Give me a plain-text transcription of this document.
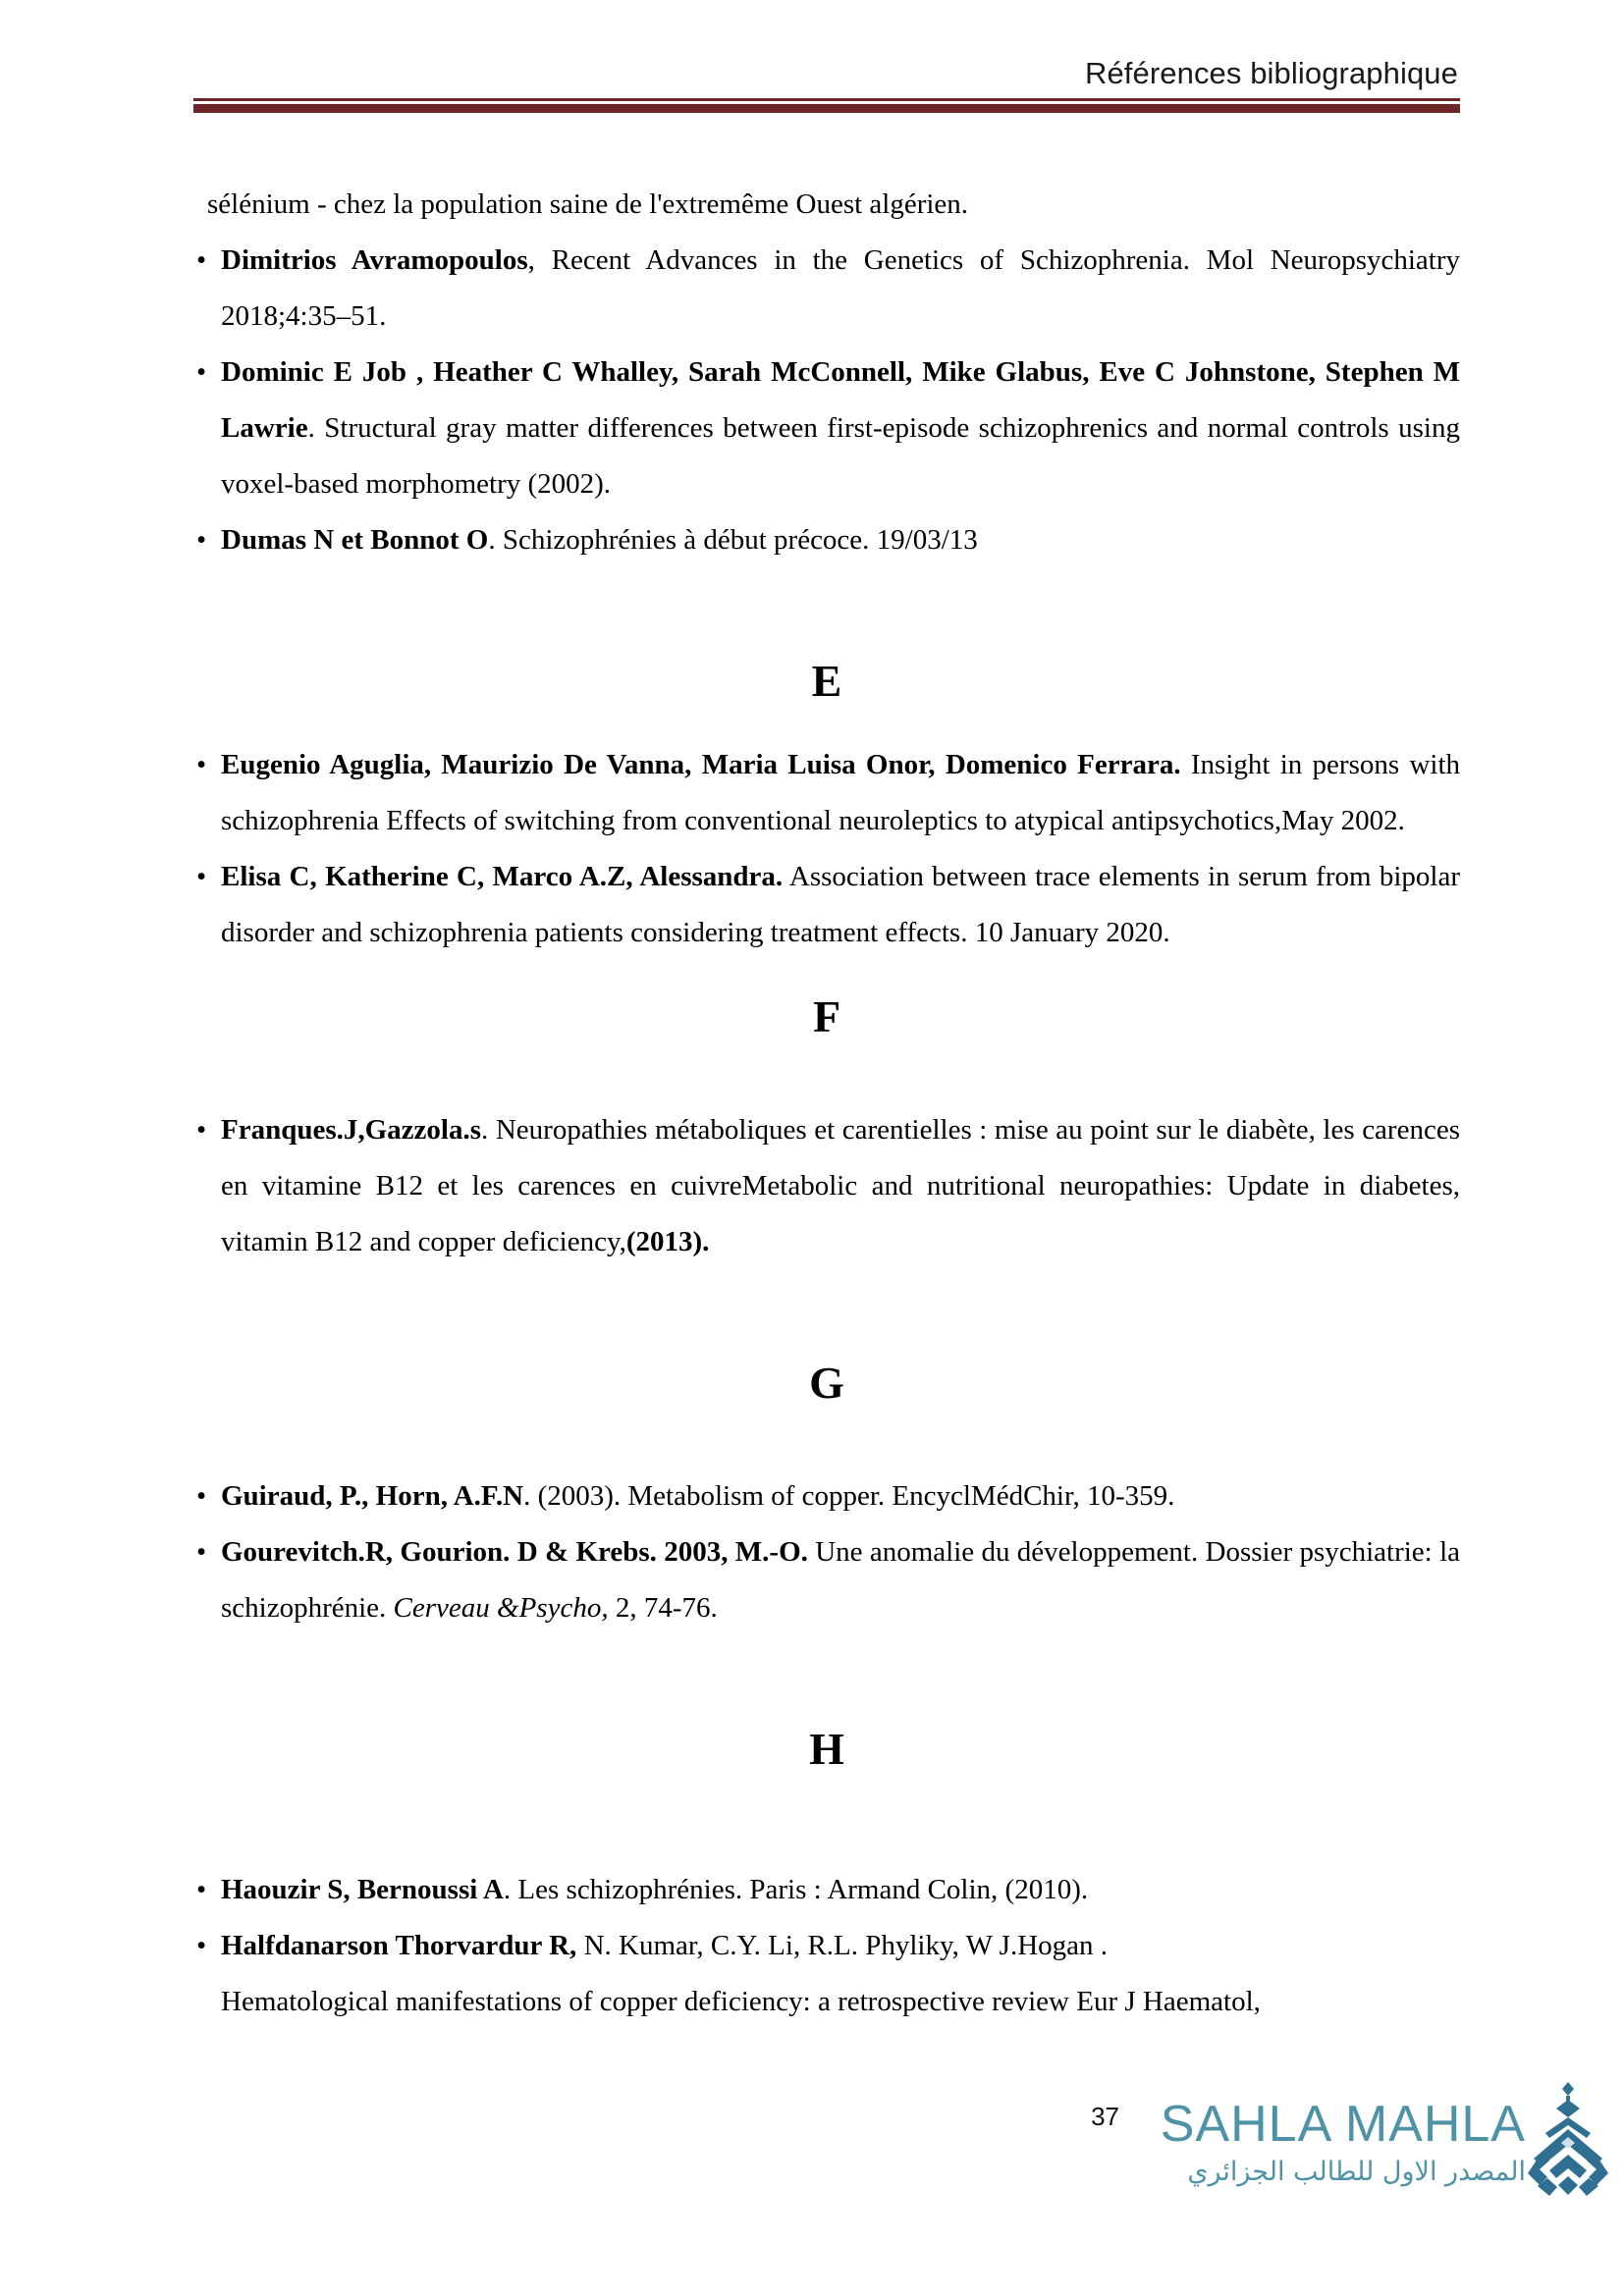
Références bibliographique

sélénium - chez la population saine de l'extremême Ouest algérien.

• Dimitrios Avramopoulos, Recent Advances in the Genetics of Schizophrenia. Mol Neuropsychiatry 2018;4:35–51.

• Dominic E Job , Heather C Whalley, Sarah McConnell, Mike Glabus, Eve C Johnstone, Stephen M Lawrie. Structural gray matter differences between first-episode schizophrenics and normal controls using voxel-based morphometry (2002).

• Dumas N et Bonnot O. Schizophrénies à début précoce. 19/03/13

E

• Eugenio Aguglia, Maurizio De Vanna, Maria Luisa Onor, Domenico Ferrara. Insight in persons with schizophrenia Effects of switching from conventional neuroleptics to atypical antipsychotics,May 2002.

• Elisa C, Katherine C, Marco A.Z, Alessandra. Association between trace elements in serum from bipolar disorder and schizophrenia patients considering treatment effects. 10 January 2020.

F

• Franques.J,Gazzola.s. Neuropathies métaboliques et carentielles : mise au point sur le diabète, les carences en vitamine B12 et les carences en cuivreMetabolic and nutritional neuropathies: Update in diabetes, vitamin B12 and copper deficiency,(2013).

G

• Guiraud, P., Horn, A.F.N. (2003). Metabolism of copper. EncyclMédChir, 10-359.

• Gourevitch.R, Gourion. D & Krebs. 2003, M.-O. Une anomalie du développement. Dossier psychiatrie: la schizophrénie. Cerveau &Psycho, 2, 74-76.

H

• Haouzir S, Bernoussi A. Les schizophrénies. Paris : Armand Colin, (2010).

• Halfdanarson Thorvardur R, N. Kumar, C.Y. Li, R.L. Phyliky, W J.Hogan .

Hematological manifestations of copper deficiency: a retrospective review Eur J Haematol,

37 SAHLA MAHLA
المصدر الاول للطالب الجزائري
